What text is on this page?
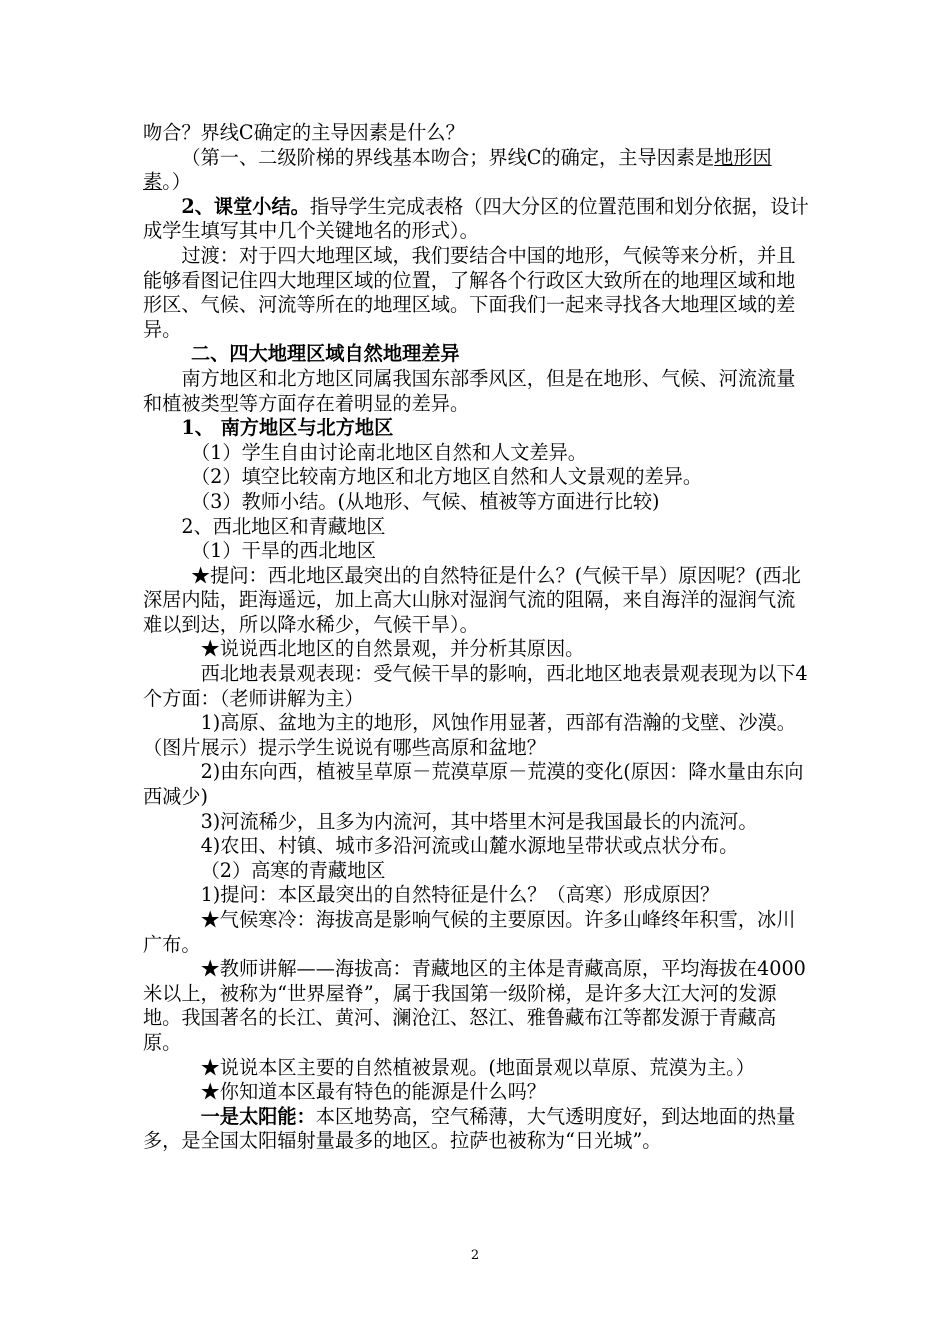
吻合？界线C确定的主导因素是什么？

（第一、二级阶梯的界线基本吻合；界线C的确定，主导因素是地形因素。）

2、课堂小结。指导学生完成表格（四大分区的位置范围和划分依据，设计成学生填写其中几个关键地名的形式）。

过渡：对于四大地理区域，我们要结合中国的地形，气候等来分析，并且能够看图记住四大地理区域的位置，了解各个行政区大致所在的地理区域和地形区、气候、河流等所在的地理区域。下面我们一起来寻找各大地理区域的差异。

二、四大地理区域自然地理差异

南方地区和北方地区同属我国东部季风区，但是在地形、气候、河流流量和植被类型等方面存在着明显的差异。

1、 南方地区与北方地区

（1）学生自由讨论南北地区自然和人文差异。

（2）填空比较南方地区和北方地区自然和人文景观的差异。

（3）教师小结。(从地形、气候、植被等方面进行比较)

2、西北地区和青藏地区

（1）干旱的西北地区

★提问：西北地区最突出的自然特征是什么？(气候干旱）原因呢？(西北深居内陆，距海遥远，加上高大山脉对湿润气流的阻隔，来自海洋的湿润气流难以到达，所以降水稀少，气候干旱）。

★说说西北地区的自然景观，并分析其原因。

西北地表景观表现：受气候干旱的影响，西北地区地表景观表现为以下4个方面：（老师讲解为主）

1)高原、盆地为主的地形，风蚀作用显著，西部有浩瀚的戈壁、沙漠。（图片展示）提示学生说说有哪些高原和盆地？

2)由东向西，植被呈草原－荒漠草原－荒漠的变化(原因：降水量由东向西减少)

3)河流稀少，且多为内流河，其中塔里木河是我国最长的内流河。

4)农田、村镇、城市多沿河流或山麓水源地呈带状或点状分布。

（2）高寒的青藏地区

1)提问：本区最突出的自然特征是什么？（高寒）形成原因？

★气候寒冷：海拔高是影响气候的主要原因。许多山峰终年积雪，冰川广布。

★教师讲解——海拔高：青藏地区的主体是青藏高原，平均海拔在4000米以上，被称为“世界屋脊”，属于我国第一级阶梯，是许多大江大河的发源地。我国著名的长江、黄河、澜沧江、怒江、雅鲁藏布江等都发源于青藏高原。

★说说本区主要的自然植被景观。(地面景观以草原、荒漠为主。）

★你知道本区最有特色的能源是什么吗？

一是太阳能：本区地势高，空气稀薄，大气透明度好，到达地面的热量多，是全国太阳辐射量最多的地区。拉萨也被称为“日光城”。

2
